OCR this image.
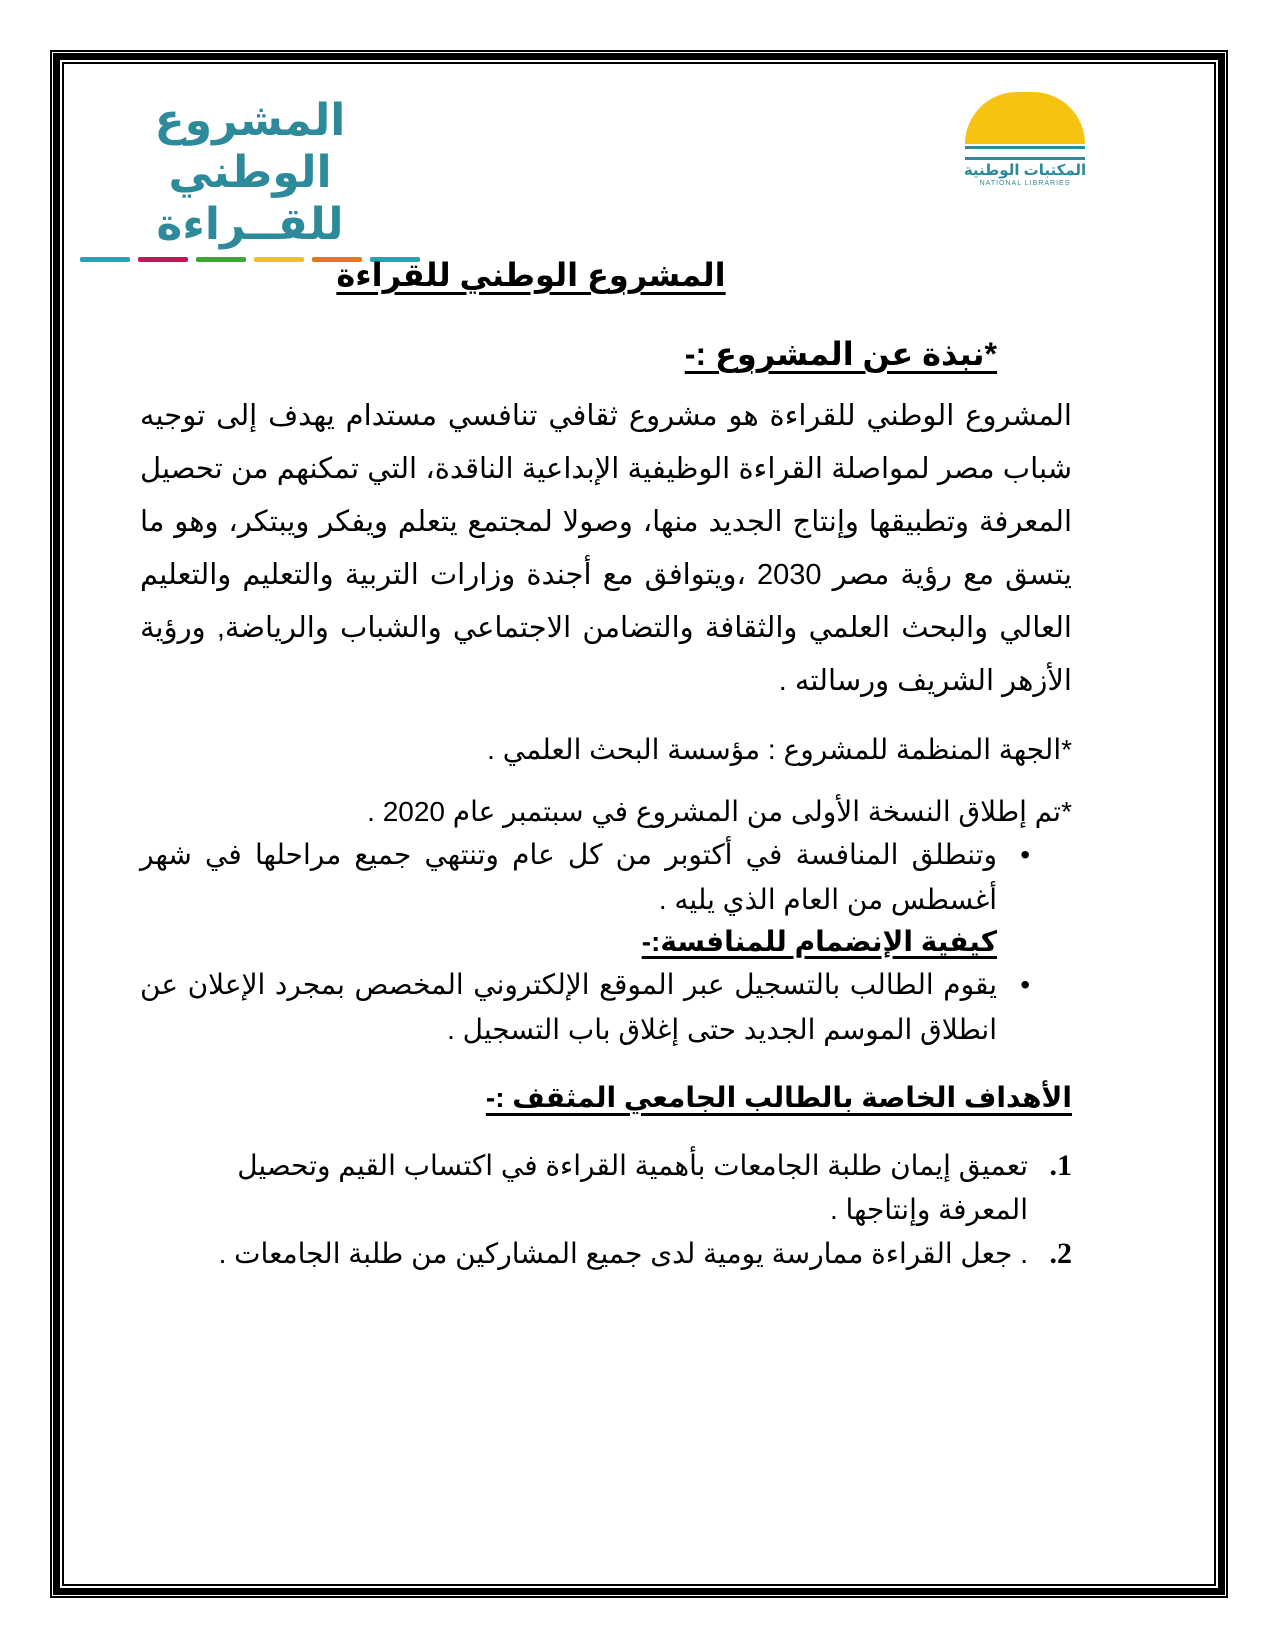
المشروع الوطني للقــراءة
المكتبات الوطنية
NATIONAL LIBRARIES
المشروع الوطني للقراءة
*نبذة عن المشروع :-
المشروع الوطني للقراءة هو مشروع ثقافي تنافسي مستدام يهدف إلى توجيه شباب مصر لمواصلة القراءة الوظيفية الإبداعية الناقدة، التي تمكنهم من تحصيل المعرفة وتطبيقها وإنتاج الجديد منها، وصولا لمجتمع يتعلم ويفكر ويبتكر، وهو ما يتسق مع رؤية مصر 2030 ،ويتوافق مع أجندة وزارات التربية والتعليم والتعليم العالي والبحث العلمي والثقافة والتضامن الاجتماعي والشباب والرياضة, ورؤية الأزهر الشريف ورسالته .
*الجهة المنظمة للمشروع : مؤسسة البحث العلمي .
*تم إطلاق النسخة الأولى من المشروع في سبتمبر عام 2020 .
•
وتنطلق المنافسة في أكتوبر من كل عام وتنتهي جميع مراحلها في شهر أغسطس من العام الذي يليه .
كيفية الإنضمام للمنافسة:-
•
يقوم الطالب بالتسجيل عبر الموقع الإلكتروني المخصص بمجرد الإعلان عن انطلاق الموسم الجديد حتى إغلاق باب التسجيل .
الأهداف الخاصة بالطالب الجامعي المثقف :-
1.
تعميق إيمان طلبة الجامعات بأهمية القراءة في اكتساب القيم وتحصيل المعرفة وإنتاجها .
2.
. جعل القراءة ممارسة يومية لدى جميع المشاركين من طلبة الجامعات .
